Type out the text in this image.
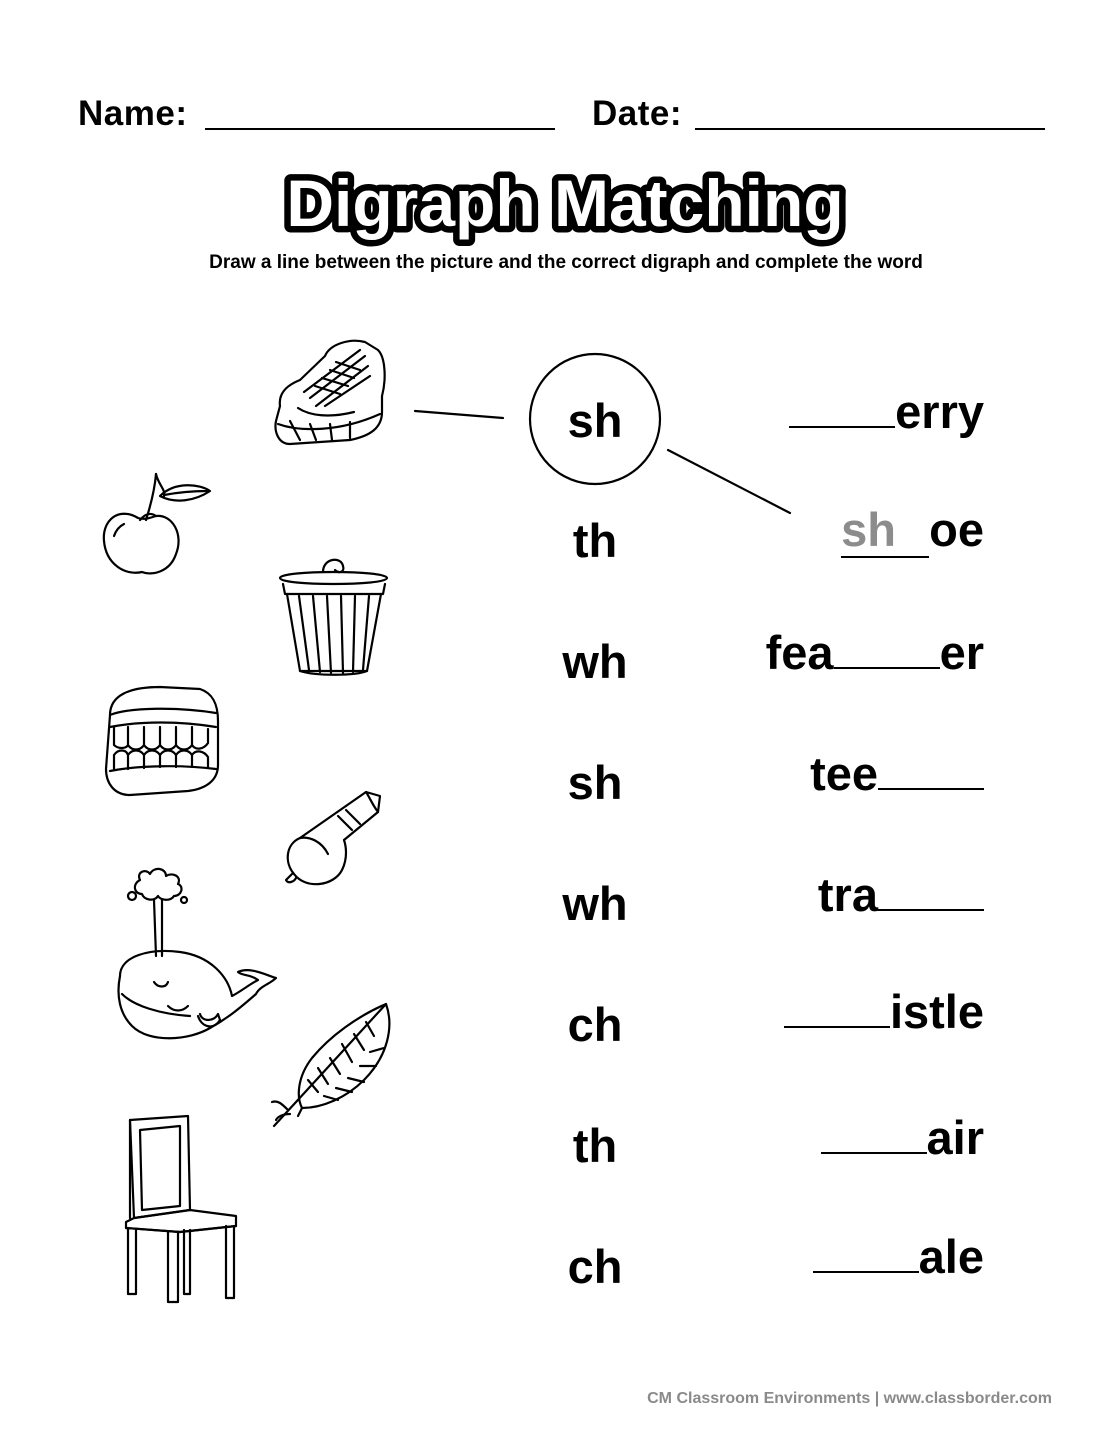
Name:	Date:
Digraph Matching
Draw a line between the picture and the correct digraph and complete the word
sh
th
wh
sh
wh
ch
th
ch
erry
sh oe
fea er
tee
tra
istle
air
ale
CM Classroom Environments | www.classborder.com
